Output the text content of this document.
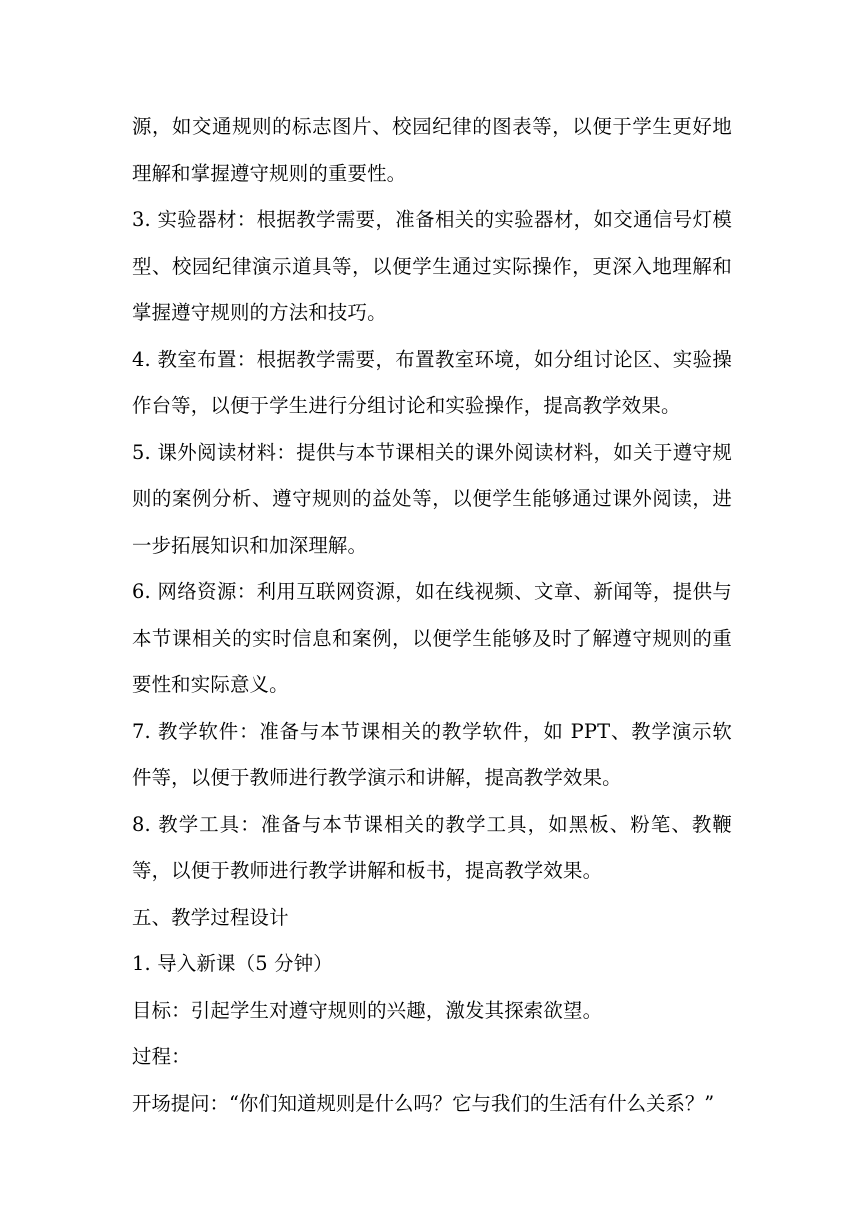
源，如交通规则的标志图片、校园纪律的图表等，以便于学生更好地理解和掌握遵守规则的重要性。

3. 实验器材：根据教学需要，准备相关的实验器材，如交通信号灯模型、校园纪律演示道具等，以便学生通过实际操作，更深入地理解和掌握遵守规则的方法和技巧。

4. 教室布置：根据教学需要，布置教室环境，如分组讨论区、实验操作台等，以便于学生进行分组讨论和实验操作，提高教学效果。

5. 课外阅读材料：提供与本节课相关的课外阅读材料，如关于遵守规则的案例分析、遵守规则的益处等，以便学生能够通过课外阅读，进一步拓展知识和加深理解。

6. 网络资源：利用互联网资源，如在线视频、文章、新闻等，提供与本节课相关的实时信息和案例，以便学生能够及时了解遵守规则的重要性和实际意义。

7. 教学软件：准备与本节课相关的教学软件，如 PPT、教学演示软件等，以便于教师进行教学演示和讲解，提高教学效果。

8. 教学工具：准备与本节课相关的教学工具，如黑板、粉笔、教鞭等，以便于教师进行教学讲解和板书，提高教学效果。

五、教学过程设计

1. 导入新课（5 分钟）

目标：引起学生对遵守规则的兴趣，激发其探索欲望。

过程：

开场提问：“你们知道规则是什么吗？它与我们的生活有什么关系？”
